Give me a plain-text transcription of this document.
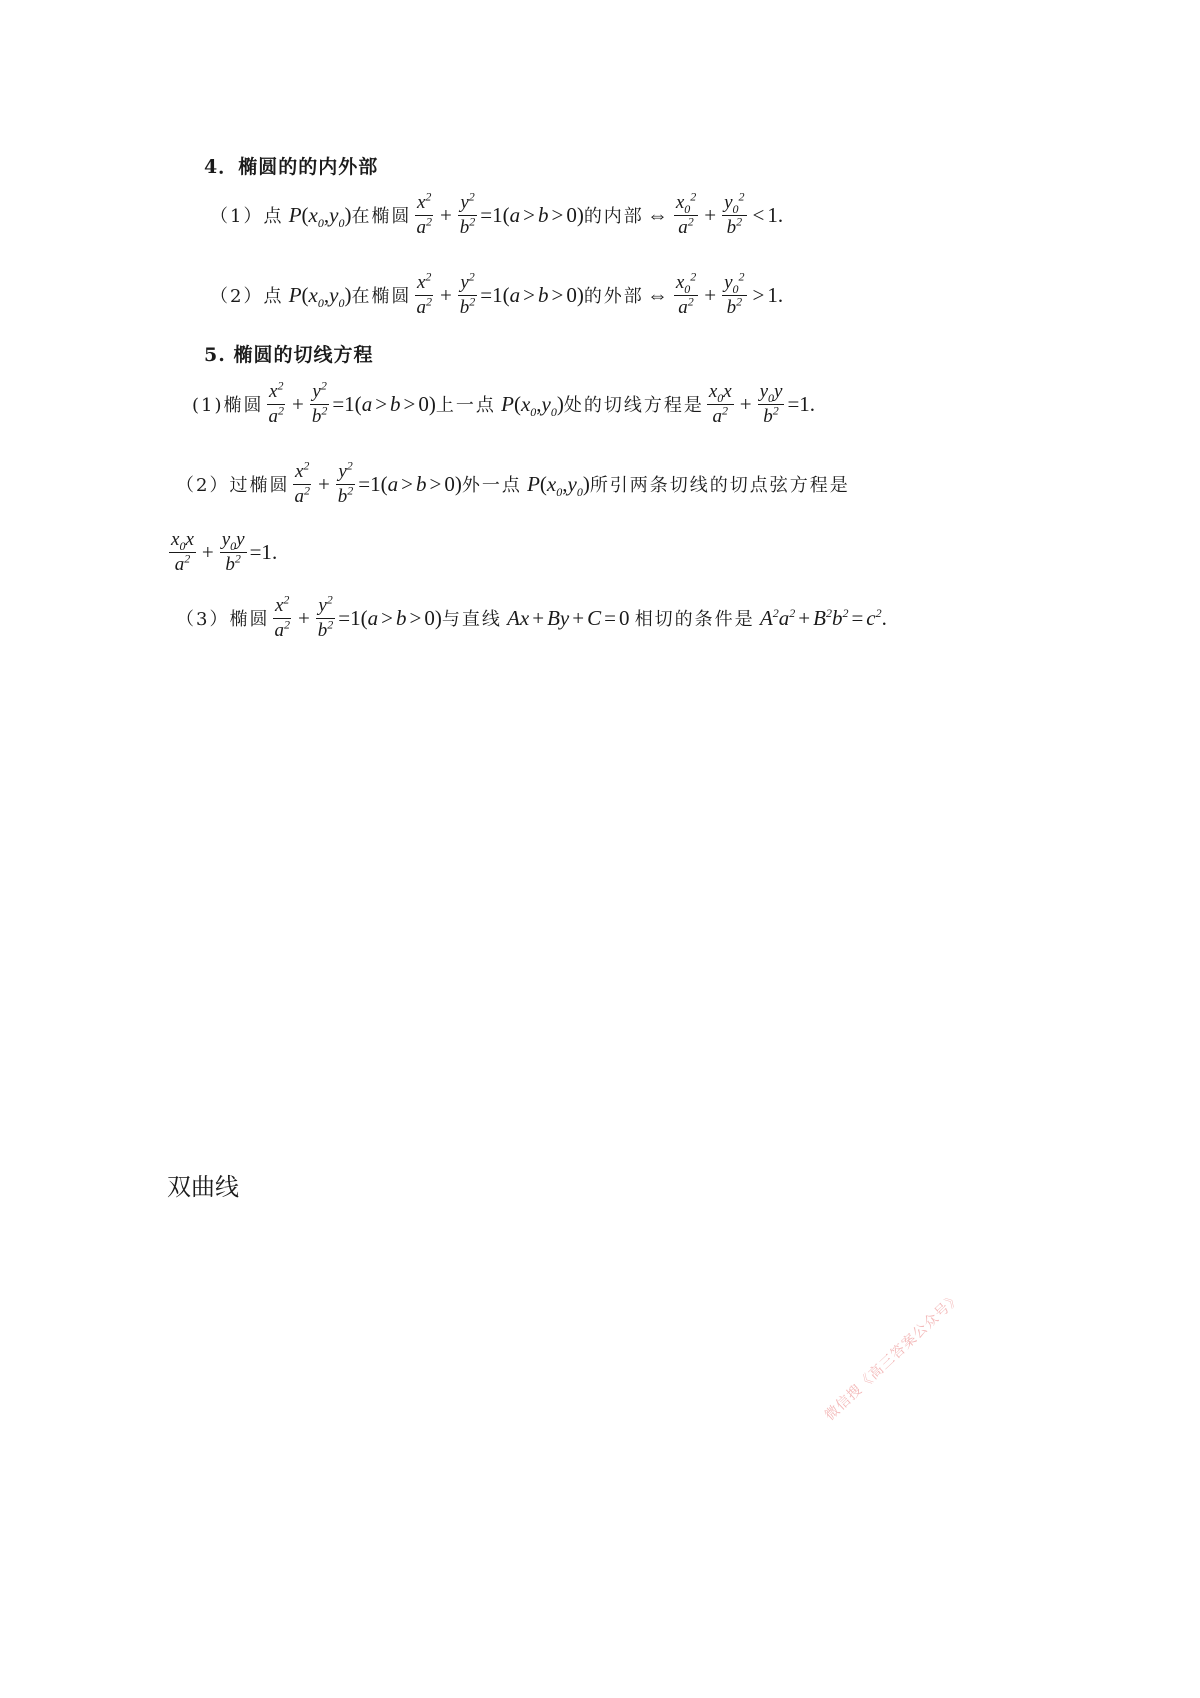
4．椭圆的的内外部
（1） 点 $P(x_0,y_0)$ 在椭圆 $\frac{x^2}{a^2} + \frac{y^2}{b^2} =1$( a > b > 0) 的内部 ⇔ $\frac{x_0^2}{a^2} + \frac{y_0^2}{b^2} < 1$ .
（2） 点 $P(x_0,y_0)$ 在椭圆 $\frac{x^2}{a^2} + \frac{y^2}{b^2} =1$( a > b > 0) 的外部 ⇔ $\frac{x_0^2}{a^2} + \frac{y_0^2}{b^2} > 1$ .
5. 椭圆的切线方程
(1)椭圆 $\frac{x^2}{a^2} + \frac{y^2}{b^2} =1$( a > b > 0) 上一点 $P(x_0,y_0)$ 处的切线方程是 $\frac{x_0x}{a^2} + \frac{y_0y}{b^2} =1$ .
（2）过椭圆 $\frac{x^2}{a^2} + \frac{y^2}{b^2} =1$( a > b > 0) 外一点 $P(x_0,y_0)$ 所引两条切线的切点弦方程是
$\frac{x_0x}{a^2} + \frac{y_0y}{b^2} =1$ .
（3）椭圆 $\frac{x^2}{a^2} + \frac{y^2}{b^2} =1$( a > b > 0) 与直线 Ax + By + C = 0 相切的条件是 $A^2a^2 + B^2b^2 = c^2$ .
双曲线
微信搜《高三答案公众号》
